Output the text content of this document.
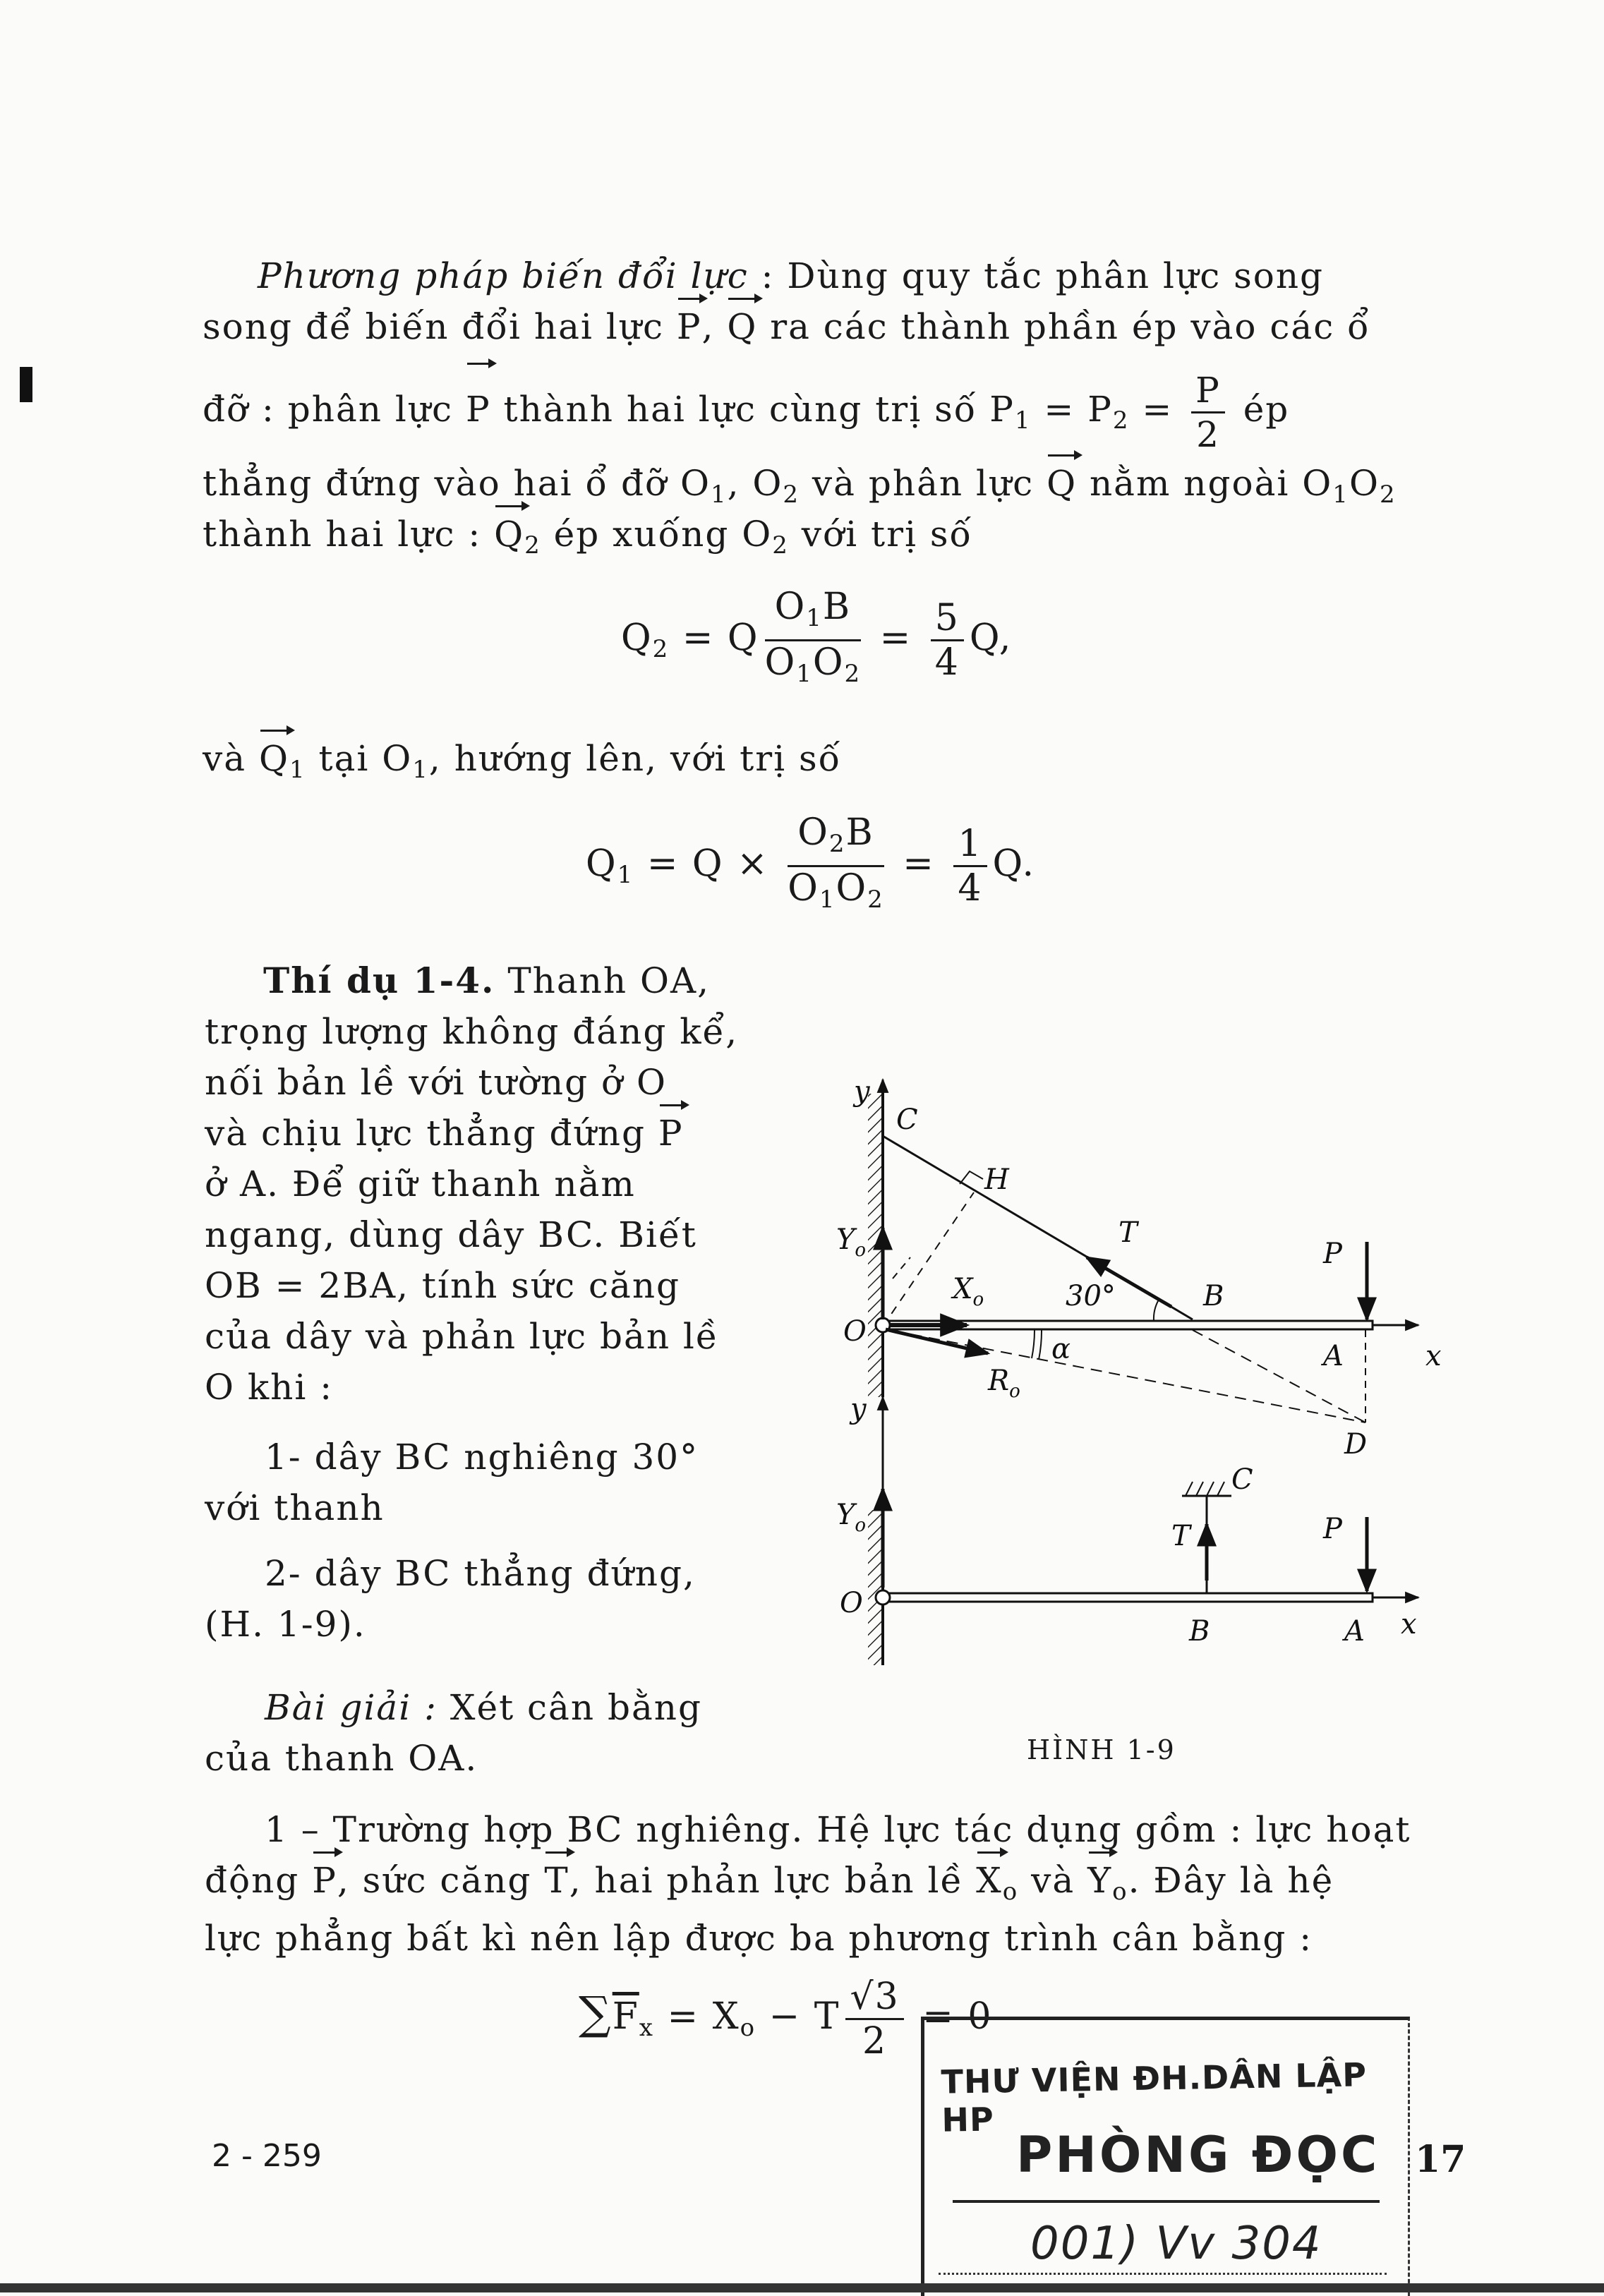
Phương pháp biến đổi lực : Dùng quy tắc phân lực song
song để biến đổi hai lực P, Q ra các thành phần ép vào các ổ
đỡ : phân lực P thành hai lực cùng trị số $P_1 = P_2 = \frac{P}{2}$ ép
thẳng đứng vào hai ổ đỡ $O_1$, $O_2$ và phân lực Q nằm ngoài $O_1O_2$
thành hai lực : $Q_2$ ép xuống $O_2$ với trị số
$Q_2 = Q \frac{O_1B}{O_1O_2} = \frac{5}{4} Q$,
và $Q_1$ tại $O_1$, hướng lên, với trị số
$Q_1 = Q \times \frac{O_2B}{O_1O_2} = \frac{1}{4} Q$.
Thí dụ 1-4. Thanh OA,
trọng lượng không đáng kể,
nối bản lề với tường ở O
và chịu lực thẳng đứng P
ở A. Để giữ thanh nằm
ngang, dùng dây BC. Biết
OB = 2BA, tính sức căng
của dây và phản lực bản lề
O khi :
1- dây BC nghiêng 30°
với thanh
2- dây BC thẳng đứng,
(H. 1-9).
Bài giải : Xét cân bằng
của thanh OA.
y
C
T
H
x
O
$Y_o$
$X_o$	30°	B
$R_o$
α	A
D
P
y
$Y_o$
x
O
C
T	P
B	A
HÌNH 1-9
1 – Trường hợp BC nghiêng. Hệ lực tác dụng gồm : lực hoạt
động P, sức căng T, hai phản lực bản lề $X_o$ và $Y_o$. Đây là hệ
lực phẳng bất kì nên lập được ba phương trình cân bằng :
$\sum\overline{F}_x = X_o - T \frac{√3}{2} = 0$
2 - 259	17
THƯ VIỆN ĐH.DÂN LẬP HP
PHÒNG ĐỌC
001) Vv 304
